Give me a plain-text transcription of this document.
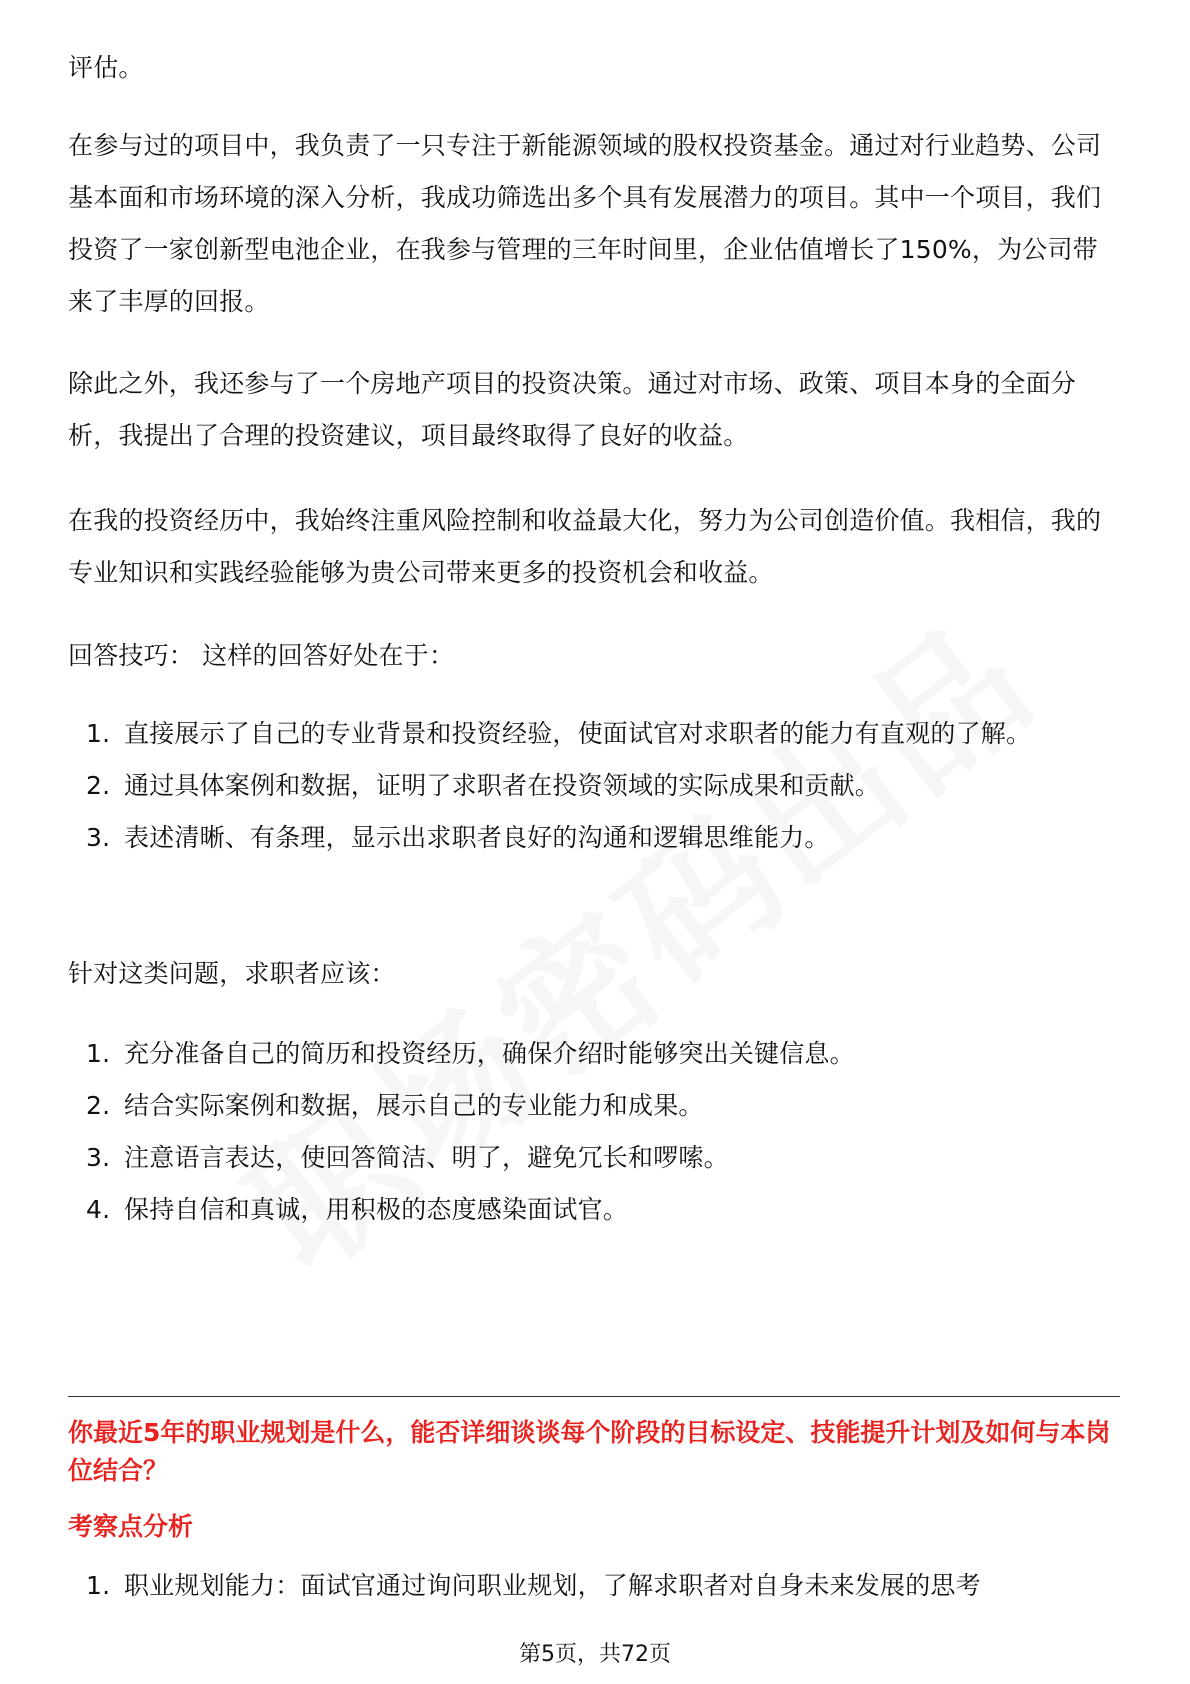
评估。

在参与过的项目中，我负责了一只专注于新能源领域的股权投资基金。通过对行业趋势、公司基本面和市场环境的深入分析，我成功筛选出多个具有发展潜力的项目。其中一个项目，我们投资了一家创新型电池企业，在我参与管理的三年时间里，企业估值增长了150%，为公司带来了丰厚的回报。

除此之外，我还参与了一个房地产项目的投资决策。通过对市场、政策、项目本身的全面分析，我提出了合理的投资建议，项目最终取得了良好的收益。

在我的投资经历中，我始终注重风险控制和收益最大化，努力为公司创造价值。我相信，我的专业知识和实践经验能够为贵公司带来更多的投资机会和收益。

回答技巧： 这样的回答好处在于：

1. 直接展示了自己的专业背景和投资经验，使面试官对求职者的能力有直观的了解。
2. 通过具体案例和数据，证明了求职者在投资领域的实际成果和贡献。
3. 表述清晰、有条理，显示出求职者良好的沟通和逻辑思维能力。

针对这类问题，求职者应该：

1. 充分准备自己的简历和投资经历，确保介绍时能够突出关键信息。
2. 结合实际案例和数据，展示自己的专业能力和成果。
3. 注意语言表达，使回答简洁、明了，避免冗长和啰嗦。
4. 保持自信和真诚，用积极的态度感染面试官。

你最近5年的职业规划是什么，能否详细谈谈每个阶段的目标设定、技能提升计划及如何与本岗位结合？

考察点分析

1. 职业规划能力：面试官通过询问职业规划，了解求职者对自身未来发展的思考
第5页，共72页
